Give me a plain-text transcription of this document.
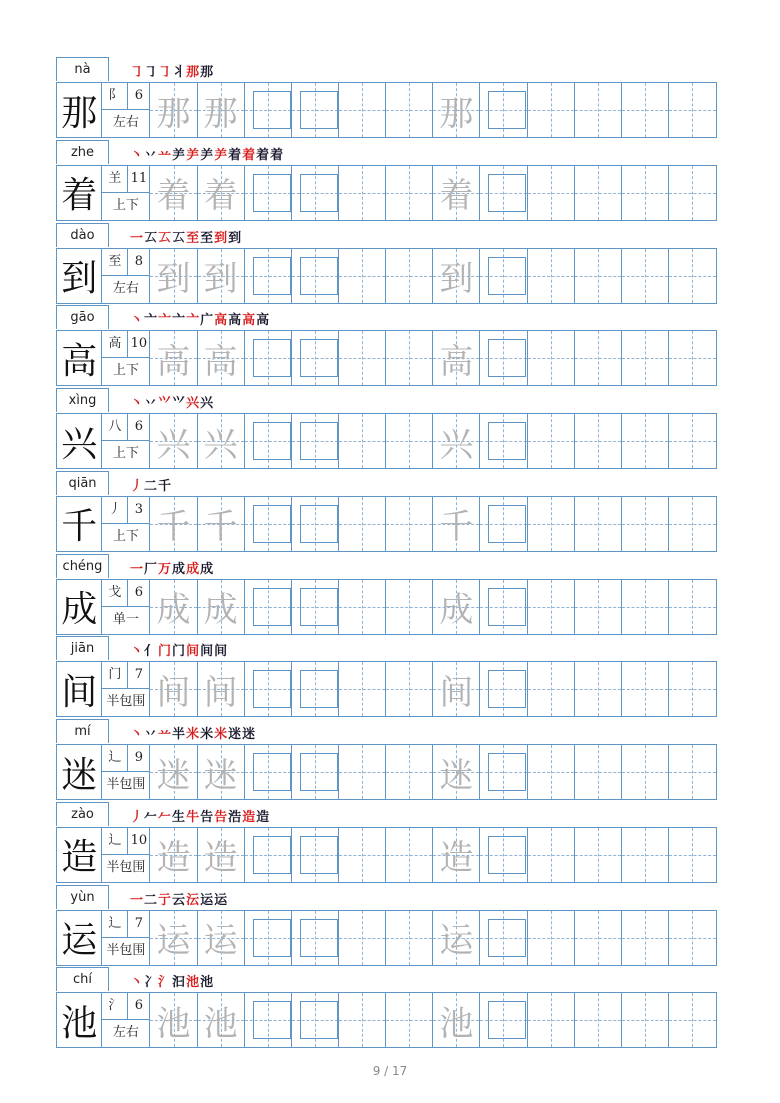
nà	㇆ ㇆ ㇆ 丬 那 那
那 阝	6
左右 那 那	那
zhe	丶 丷 䒑 ⺶ ⺶ ⺶ ⺶ 着 着 着 着
着 𦍌 11
上下 着 着	着
dào	一 𠫔 𠫔 𠫔 至 至 到 到
到 至	8
左右 到 到	到
gāo	丶 亠 亠 亠 亠 广 高 高 高 高
高 高 10
上下 高 高	高
xìng	丶 丷 ⺍ ⺍ 兴 兴
兴 八	6
上下 兴 兴	兴
qiān	丿 二 千
千 丿	3
上下 千 千	千
chéng	一 厂 万 成 成 成
成 戈	6
单一 成 成	成
jiān	丶 亻 门 门 间 间 间
间 门	7
半包围 间 间	间
mí	丶 丷 䒑 半 米 米 米 迷 迷
迷 辶	9
半包围 迷 迷	迷
zào	丿 𠂉 𠂉 生 牛 告 告 浩 造 造
造 辶 10
半包围 造 造	造
yùn	一 二 亍 云 沄 运 运
运 辶	7
半包围 运 运	运
chí	丶 冫 氵 汩 池 池
池 氵	6
左右 池 池	池
9 / 17
